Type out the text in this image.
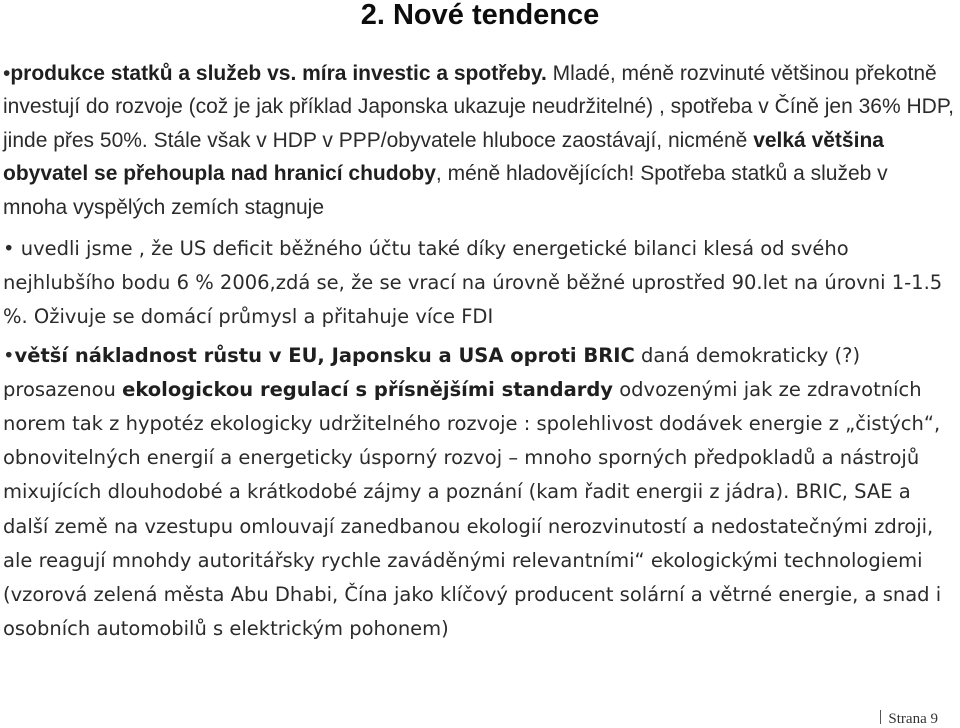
2. Nové tendence

•produkce statků a služeb vs. míra investic a spotřeby. Mladé, méně rozvinuté většinou překotně investují do rozvoje (což je jak příklad Japonska ukazuje neudržitelné) , spotřeba v Číně jen 36% HDP, jinde přes 50%. Stále však v HDP v PPP/obyvatele hluboce zaostávají, nicméně velká většina obyvatel se přehoupla nad hranicí chudoby, méně hladovějících! Spotřeba statků a služeb v mnoha vyspělých zemích stagnuje

• uvedli jsme , že US deficit běžného účtu také díky energetické bilanci klesá od svého nejhlubšího bodu 6 % 2006,zdá se, že se vrací na úrovně běžné uprostřed 90.let na úrovni 1-1.5 %. Oživuje se domácí průmysl a přitahuje více FDI

•větší nákladnost růstu v EU, Japonsku a USA oproti BRIC daná demokraticky (?) prosazenou ekologickou regulací s přísnějšími standardy odvozenými jak ze zdravotních norem tak z hypotéz ekologicky udržitelného rozvoje : spolehlivost dodávek energie z „čistých“, obnovitelných energií a energeticky úsporný rozvoj – mnoho sporných předpokladů a nástrojů mixujících dlouhodobé a krátkodobé zájmy a poznání (kam řadit energii z jádra). BRIC, SAE a další země na vzestupu omlouvají zanedbanou ekologií nerozvinutostí a nedostatečnými zdroji, ale reagují mnohdy autoritářsky rychle zaváděnými relevantními“ ekologickými technologiemi (vzorová zelená města Abu Dhabi, Čína jako klíčový producent solární a větrné energie, a snad i osobních automobilů s elektrickým pohonem)

Strana 9
